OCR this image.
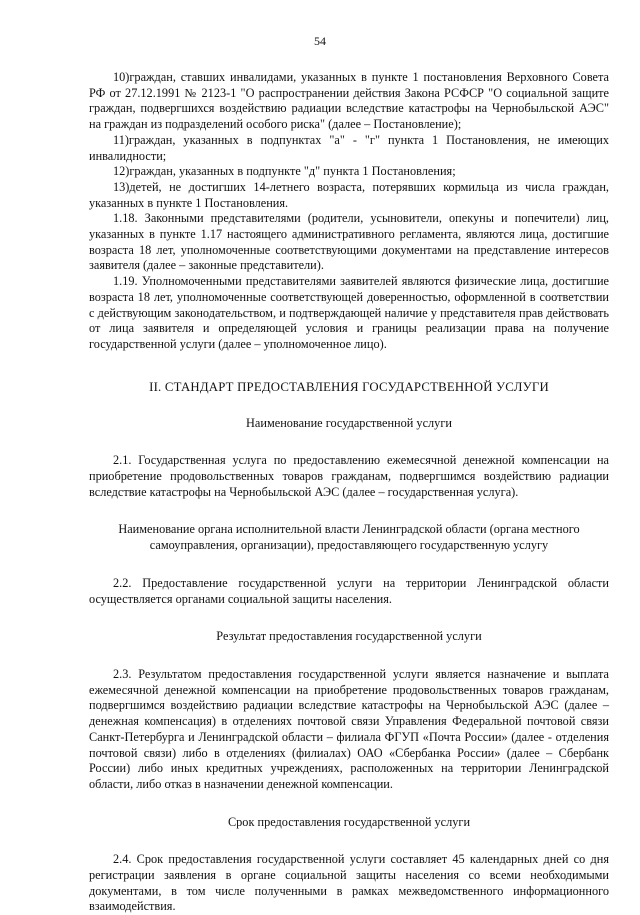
54

10)граждан, ставших инвалидами, указанных в пункте 1 постановления Верховного Совета РФ от 27.12.1991 № 2123-1 "О распространении действия Закона РСФСР "О социальной защите граждан, подвергшихся воздействию радиации вследствие катастрофы на Чернобыльской АЭС" на граждан из подразделений особого риска" (далее – Постановление);

11)граждан, указанных в подпунктах "а" - "г" пункта 1 Постановления, не имеющих инвалидности;

12)граждан, указанных в подпункте "д" пункта 1 Постановления;

13)детей, не достигших 14-летнего возраста, потерявших кормильца из числа граждан, указанных в пункте 1 Постановления.

1.18. Законными представителями (родители, усыновители, опекуны и попечители) лиц, указанных в пункте 1.17 настоящего административного регламента, являются лица, достигшие возраста 18 лет, уполномоченные соответствующими документами на представление интересов заявителя (далее – законные представители).

1.19. Уполномоченными представителями заявителей являются физические лица, достигшие возраста 18 лет, уполномоченные соответствующей доверенностью, оформленной в соответствии с действующим законодательством, и подтверждающей наличие у представителя прав действовать от лица заявителя и определяющей условия и границы реализации права на получение государственной услуги (далее – уполномоченное лицо).

II. СТАНДАРТ ПРЕДОСТАВЛЕНИЯ ГОСУДАРСТВЕННОЙ УСЛУГИ
Наименование государственной услуги

2.1. Государственная услуга по предоставлению ежемесячной денежной компенсации на приобретение продовольственных товаров гражданам, подвергшимся воздействию радиации вследствие катастрофы на Чернобыльской АЭС (далее – государственная услуга).

Наименование органа исполнительной власти Ленинградской области (органа местного самоуправления, организации), предоставляющего государственную услугу

2.2. Предоставление государственной услуги на территории Ленинградской области осуществляется органами социальной защиты населения.

Результат предоставления государственной услуги

2.3. Результатом предоставления государственной услуги является назначение и выплата ежемесячной денежной компенсации на приобретение продовольственных товаров гражданам, подвергшимся воздействию радиации вследствие катастрофы на Чернобыльской АЭС (далее – денежная компенсация) в отделениях почтовой связи Управления Федеральной почтовой связи Санкт-Петербурга и Ленинградской области – филиала ФГУП «Почта России» (далее - отделения почтовой связи) либо в отделениях (филиалах) ОАО «Сбербанка России» (далее – Сбербанк России) либо иных кредитных учреждениях, расположенных на территории Ленинградской области, либо отказ в назначении денежной компенсации.

Срок предоставления государственной услуги

2.4. Срок предоставления государственной услуги составляет 45 календарных дней со дня регистрации заявления в органе социальной защиты населения со всеми необходимыми документами, в том числе полученными в рамках межведомственного информационного взаимодействия.
